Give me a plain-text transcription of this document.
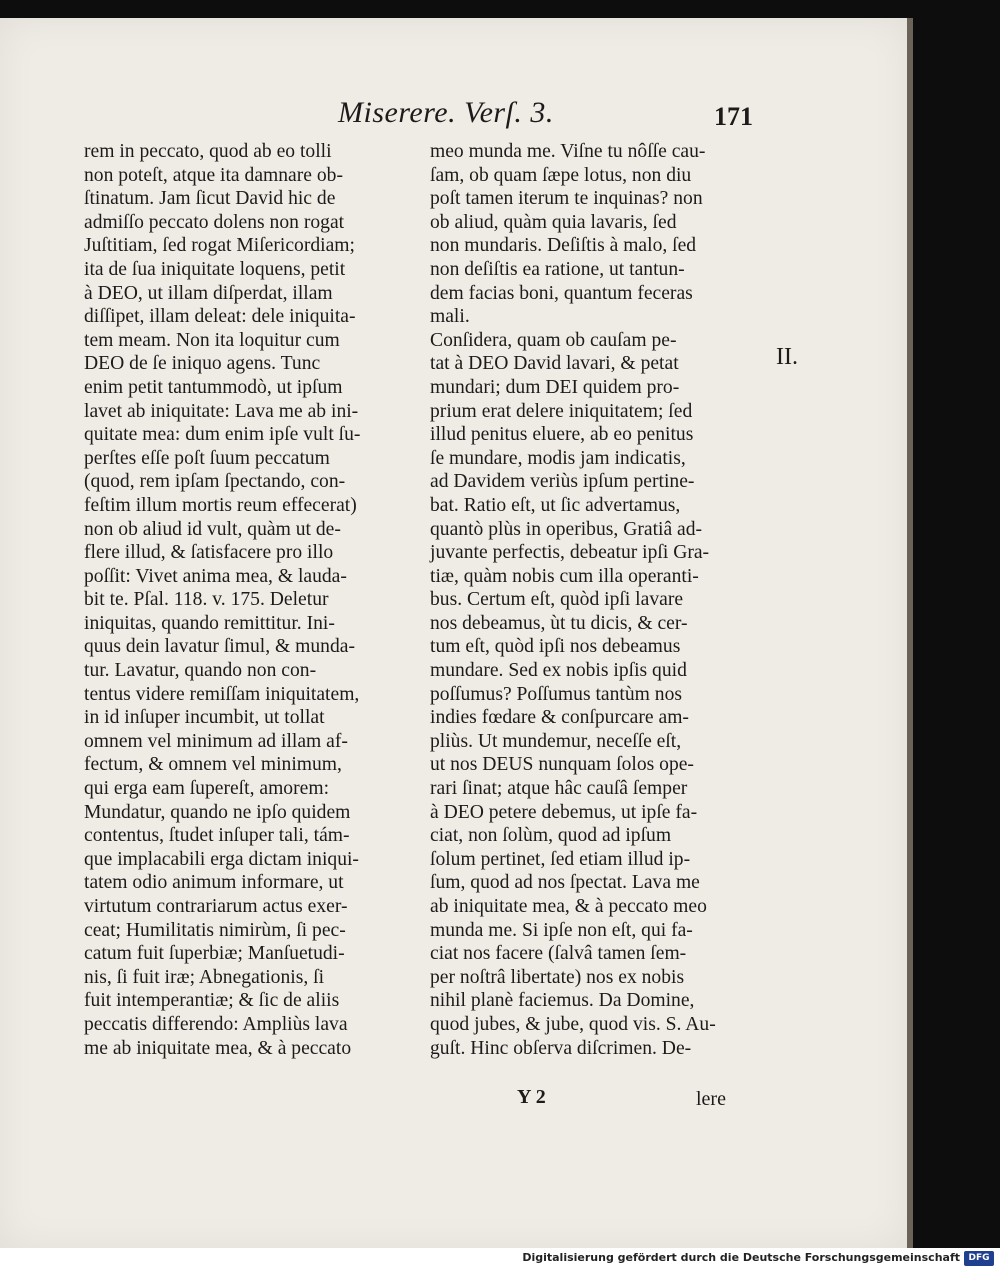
Miserere. Verſ. 3.	171
rem in peccato, quod ab eo tolli
non poteſt, atque ita damnare ob-
ſtinatum. Jam ſicut David hic de
admiſſo peccato dolens non rogat
Juſtitiam, ſed rogat Miſericordiam;
ita de ſua iniquitate loquens, petit
à DEO, ut illam diſperdat, illam
diſſipet, illam deleat: dele iniquita-
tem meam. Non ita loquitur cum
DEO de ſe iniquo agens. Tunc
enim petit tantummodò, ut ipſum
lavet ab iniquitate: Lava me ab ini-
quitate mea: dum enim ipſe vult ſu-
perſtes eſſe poſt ſuum peccatum
(quod, rem ipſam ſpectando, con-
feſtim illum mortis reum effecerat)
non ob aliud id vult, quàm ut de-
flere illud, & ſatisfacere pro illo
poſſit: Vivet anima mea, & lauda-
bit te. Pſal. 118. v. 175. Deletur
iniquitas, quando remittitur. Ini-
quus dein lavatur ſimul, & munda-
tur. Lavatur, quando non con-
tentus videre remiſſam iniquitatem,
in id inſuper incumbit, ut tollat
omnem vel minimum ad illam af-
fectum, & omnem vel minimum,
qui erga eam ſupereſt, amorem:
Mundatur, quando ne ipſo quidem
contentus, ſtudet inſuper tali, tám-
que implacabili erga dictam iniqui-
tatem odio animum informare, ut
virtutum contrariarum actus exer-
ceat; Humilitatis nimirùm, ſi pec-
catum fuit ſuperbiæ; Manſuetudi-
nis, ſi fuit iræ; Abnegationis, ſi
fuit intemperantiæ; & ſic de aliis
peccatis differendo: Ampliùs lava
me ab iniquitate mea, & à peccato
meo munda me. Viſne tu nôſſe cau-
ſam, ob quam ſæpe lotus, non diu
poſt tamen iterum te inquinas? non
ob aliud, quàm quia lavaris, ſed
non mundaris. Deſiſtis à malo, ſed
non deſiſtis ea ratione, ut tantun-
dem facias boni, quantum feceras
mali.
Conſidera, quam ob cauſam pe-
tat à DEO David lavari, & petat
mundari; dum DEI quidem pro-
prium erat delere iniquitatem; ſed
illud penitus eluere, ab eo penitus
ſe mundare, modis jam indicatis,
ad Davidem veriùs ipſum pertine-
bat. Ratio eſt, ut ſic advertamus,
quantò plùs in operibus, Gratiâ ad-
juvante perfectis, debeatur ipſi Gra-
tiæ, quàm nobis cum illa operanti-
bus. Certum eſt, quòd ipſi lavare
nos debeamus, ùt tu dicis, & cer-
tum eſt, quòd ipſi nos debeamus
mundare. Sed ex nobis ipſis quid
poſſumus? Poſſumus tantùm nos
indies fœdare & conſpurcare am-
pliùs. Ut mundemur, neceſſe eſt,
ut nos DEUS nunquam ſolos ope-
rari ſinat; atque hâc cauſâ ſemper
à DEO petere debemus, ut ipſe fa-
ciat, non ſolùm, quod ad ipſum
ſolum pertinet, ſed etiam illud ip-
ſum, quod ad nos ſpectat. Lava me
ab iniquitate mea, & à peccato meo
munda me. Si ipſe non eſt, qui fa-
ciat nos facere (ſalvâ tamen ſem-
per noſtrâ libertate) nos ex nobis
nihil planè faciemus. Da Domine,
quod jubes, & jube, quod vis. S. Au-
guſt. Hinc obſerva diſcrimen. De-
II.
Y 2	lere
Digitalisierung gefördert durch die Deutsche Forschungsgemeinschaft DFG
